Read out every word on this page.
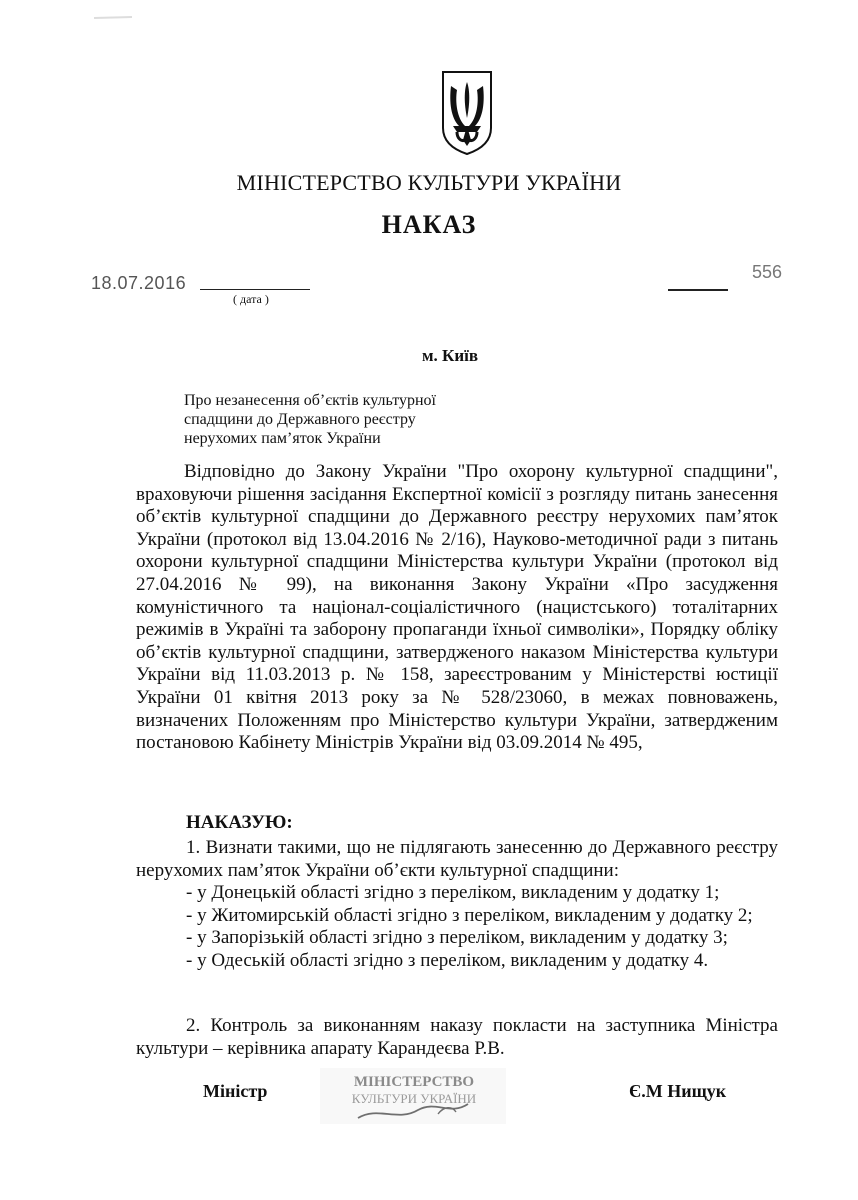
МІНІСТЕРСТВО КУЛЬТУРИ УКРАЇНИ
НАКАЗ
18.07.2016
( дата )
556
м. Київ
Про незанесення об’єктів культурної спадщини до Державного реєстру нерухомих пам’яток України
Відповідно до Закону України "Про охорону культурної спадщини", враховуючи рішення засідання Експертної комісії з розгляду питань занесення об’єктів культурної спадщини до Державного реєстру нерухомих пам’яток України (протокол від 13.04.2016 № 2/16), Науково-методичної ради з питань охорони культурної спадщини Міністерства культури України (протокол від 27.04.2016 № 99), на виконання Закону України «Про засудження комуністичного та націонал-соціалістичного (нацистського) тоталітарних режимів в Україні та заборону пропаганди їхньої символіки», Порядку обліку об’єктів культурної спадщини, затвердженого наказом Міністерства культури України від 11.03.2013 р. № 158, зареєстрованим у Міністерстві юстиції України 01 квітня 2013 року за № 528/23060, в межах повноважень, визначених Положенням про Міністерство культури України, затвердженим постановою Кабінету Міністрів України від 03.09.2014 № 495,
НАКАЗУЮ:

1. Визнати такими, що не підлягають занесенню до Державного реєстру нерухомих пам’яток України об’єкти культурної спадщини:

- у Донецькій області згідно з переліком, викладеним у додатку 1;

- у Житомирській області згідно з переліком, викладеним у додатку 2;

- у Запорізькій області згідно з переліком, викладеним у додатку 3;

- у Одеській області згідно з переліком, викладеним у додатку 4.

2. Контроль за виконанням наказу покласти на заступника Міністра культури – керівника апарату Карандеєва Р.В.
Міністр	МІНІСТЕРСТВО
КУЛЬТУРИ УКРАЇНИ	Є.М Нищук
